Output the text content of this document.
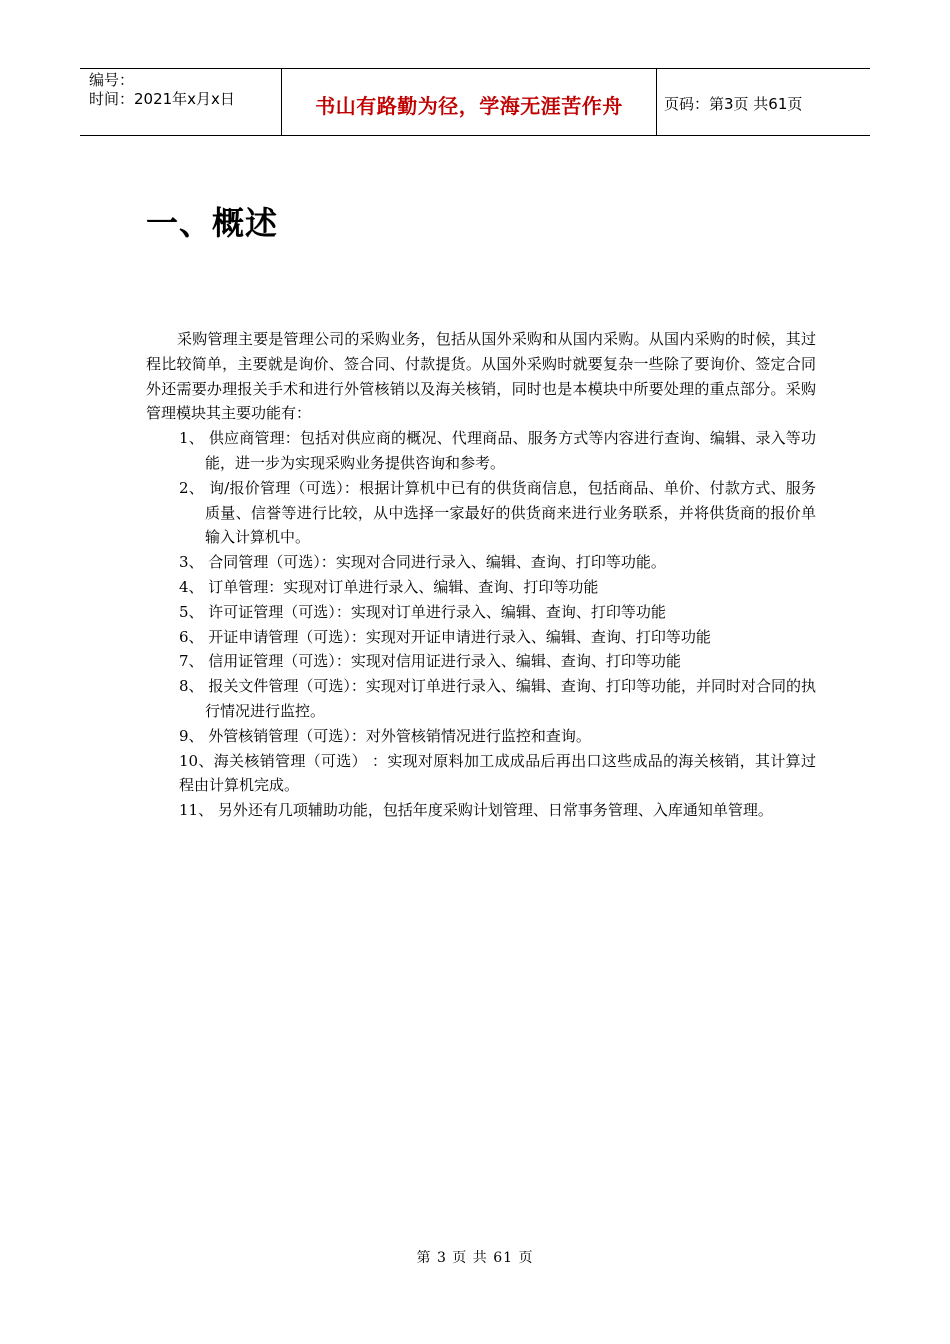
编号：
时间：2021年x月x日	书山有路勤为径，学海无涯苦作舟	页码：第3页 共61页
一、概述

采购管理主要是管理公司的采购业务，包括从国外采购和从国内采购。从国内采购的时候，其过程比较简单，主要就是询价、签合同、付款提货。从国外采购时就要复杂一些除了要询价、签定合同外还需要办理报关手术和进行外管核销以及海关核销，同时也是本模块中所要处理的重点部分。采购管理模块其主要功能有：

1、 供应商管理：包括对供应商的概况、代理商品、服务方式等内容进行查询、编辑、录入等功能，进一步为实现采购业务提供咨询和参考。
2、 询/报价管理（可选）：根据计算机中已有的供货商信息，包括商品、单价、付款方式、服务质量、信誉等进行比较，从中选择一家最好的供货商来进行业务联系，并将供货商的报价单输入计算机中。
3、 合同管理（可选）：实现对合同进行录入、编辑、查询、打印等功能。
4、 订单管理：实现对订单进行录入、编辑、查询、打印等功能
5、 许可证管理（可选）：实现对订单进行录入、编辑、查询、打印等功能
6、 开证申请管理（可选）：实现对开证申请进行录入、编辑、查询、打印等功能
7、 信用证管理（可选）：实现对信用证进行录入、编辑、查询、打印等功能
8、 报关文件管理（可选）：实现对订单进行录入、编辑、查询、打印等功能，并同时对合同的执行情况进行监控。
9、 外管核销管理（可选）：对外管核销情况进行监控和查询。
10、海关核销管理（可选） ：实现对原料加工成成品后再出口这些成品的海关核销，其计算过程由计算机完成。
11、 另外还有几项辅助功能，包括年度采购计划管理、日常事务管理、入库通知单管理。
第 3 页 共 61 页
